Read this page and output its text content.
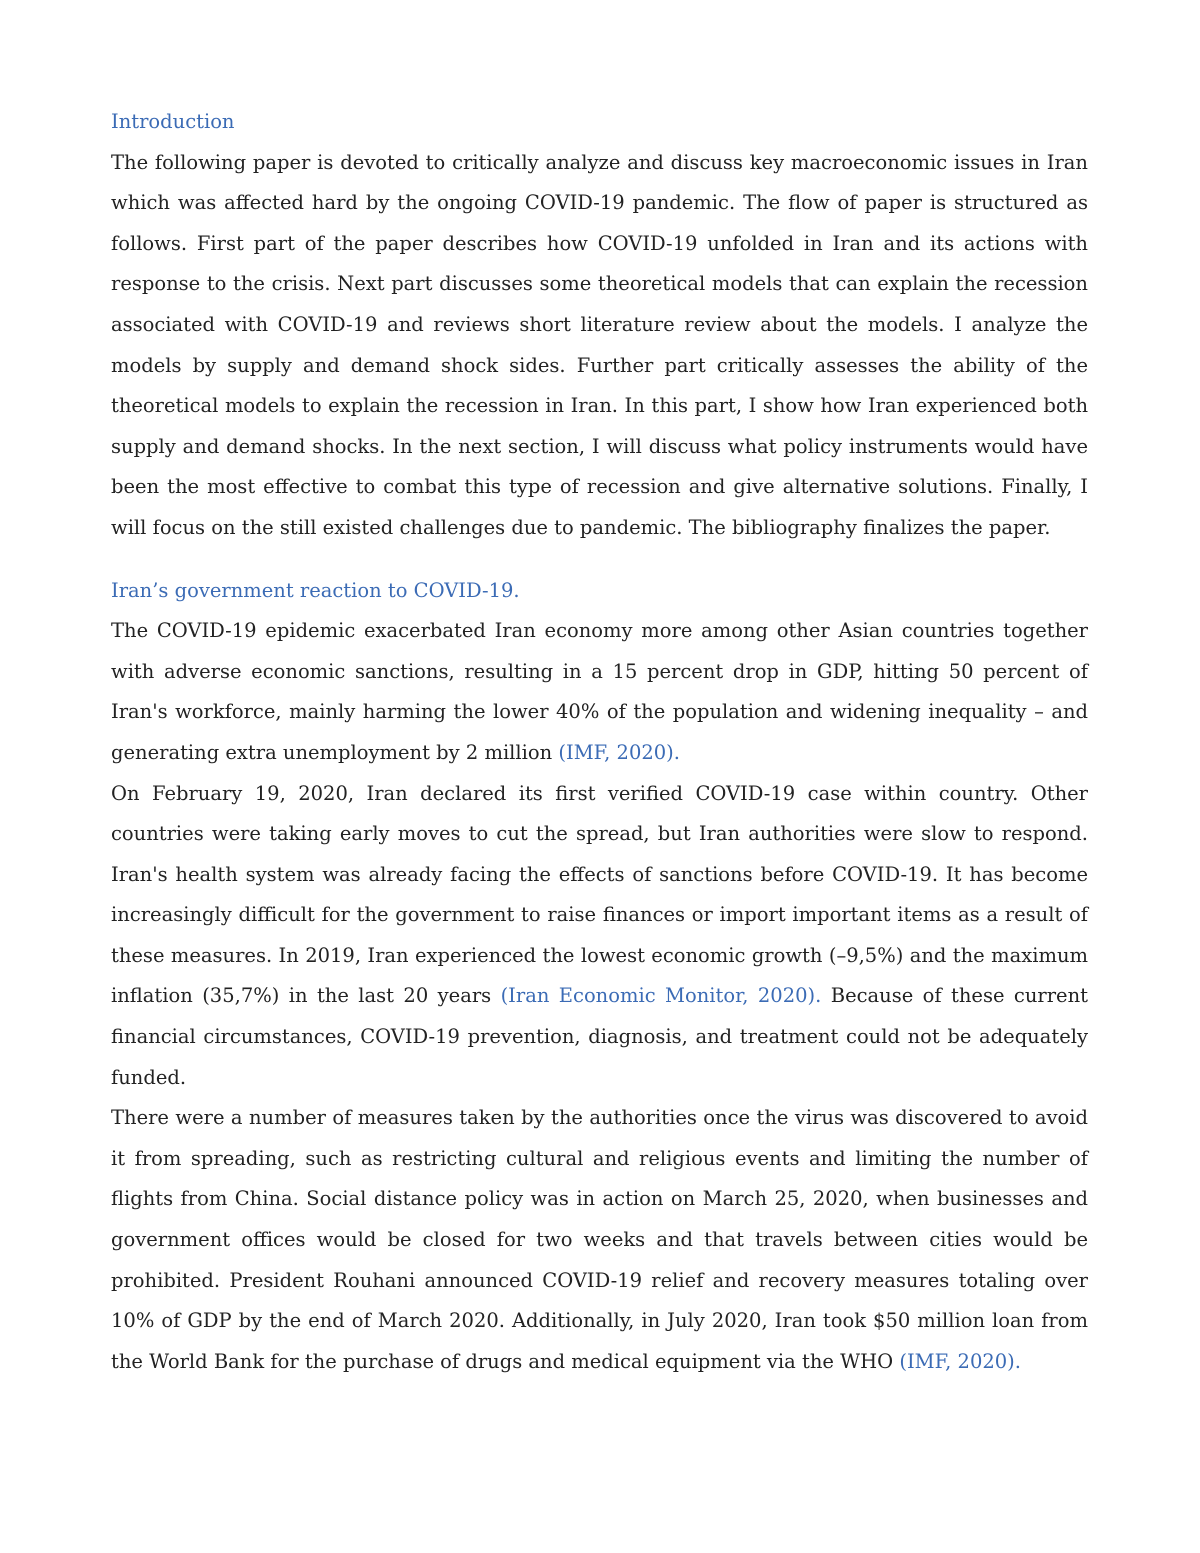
Introduction

The following paper is devoted to critically analyze and discuss key macroeconomic issues in Iran which was affected hard by the ongoing COVID-19 pandemic. The flow of paper is structured as follows. First part of the paper describes how COVID-19 unfolded in Iran and its actions with response to the crisis. Next part discusses some theoretical models that can explain the recession associated with COVID-19 and reviews short literature review about the models. I analyze the models by supply and demand shock sides. Further part critically assesses the ability of the theoretical models to explain the recession in Iran. In this part, I show how Iran experienced both supply and demand shocks. In the next section, I will discuss what policy instruments would have been the most effective to combat this type of recession and give alternative solutions. Finally, I will focus on the still existed challenges due to pandemic. The bibliography finalizes the paper.

Iran’s government reaction to COVID-19.

The COVID-19 epidemic exacerbated Iran economy more among other Asian countries together with adverse economic sanctions, resulting in a 15 percent drop in GDP, hitting 50 percent of Iran's workforce, mainly harming the lower 40% of the population and widening inequality – and generating extra unemployment by 2 million (IMF, 2020).

On February 19, 2020, Iran declared its first verified COVID-19 case within country. Other countries were taking early moves to cut the spread, but Iran authorities were slow to respond. Iran's health system was already facing the effects of sanctions before COVID-19. It has become increasingly difficult for the government to raise finances or import important items as a result of these measures. In 2019, Iran experienced the lowest economic growth (–9,5%) and the maximum inflation (35,7%) in the last 20 years (Iran Economic Monitor, 2020). Because of these current financial circumstances, COVID-19 prevention, diagnosis, and treatment could not be adequately funded.

There were a number of measures taken by the authorities once the virus was discovered to avoid it from spreading, such as restricting cultural and religious events and limiting the number of flights from China. Social distance policy was in action on March 25, 2020, when businesses and government offices would be closed for two weeks and that travels between cities would be prohibited. President Rouhani announced COVID-19 relief and recovery measures totaling over 10% of GDP by the end of March 2020. Additionally, in July 2020, Iran took $50 million loan from the World Bank for the purchase of drugs and medical equipment via the WHO (IMF, 2020).
